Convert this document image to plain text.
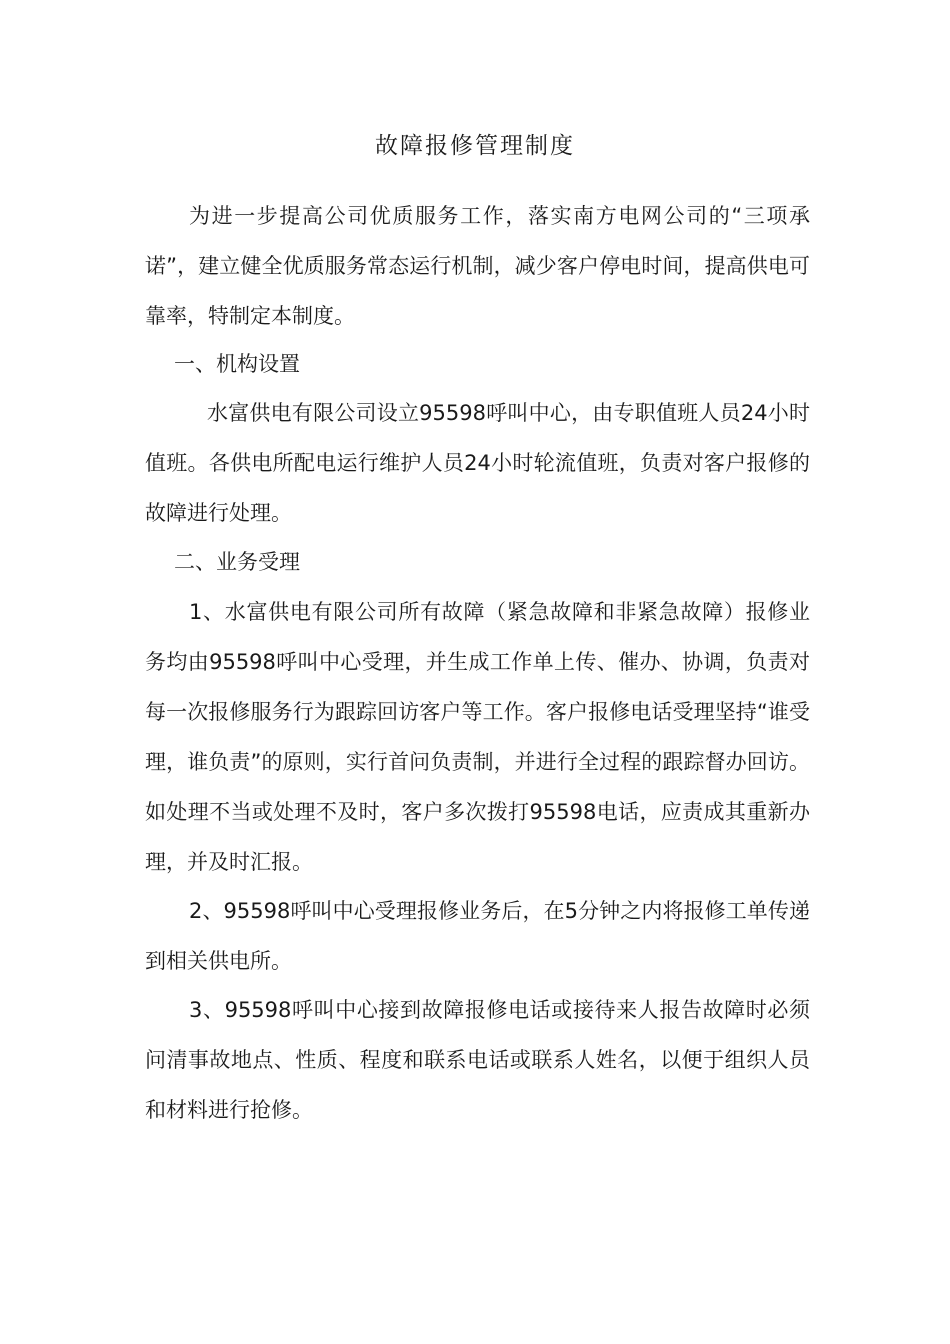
故障报修管理制度

为进一步提高公司优质服务工作，落实南方电网公司的“三项承诺”，建立健全优质服务常态运行机制，减少客户停电时间，提高供电可靠率，特制定本制度。

一、机构设置

水富供电有限公司设立95598呼叫中心，由专职值班人员24小时值班。各供电所配电运行维护人员24小时轮流值班，负责对客户报修的故障进行处理。

二、业务受理

1、水富供电有限公司所有故障（紧急故障和非紧急故障）报修业务均由95598呼叫中心受理，并生成工作单上传、催办、协调，负责对每一次报修服务行为跟踪回访客户等工作。客户报修电话受理坚持“谁受理，谁负责”的原则，实行首问负责制，并进行全过程的跟踪督办回访。如处理不当或处理不及时，客户多次拨打95598电话，应责成其重新办理，并及时汇报。

2、95598呼叫中心受理报修业务后，在5分钟之内将报修工单传递到相关供电所。

3、95598呼叫中心接到故障报修电话或接待来人报告故障时必须问清事故地点、性质、程度和联系电话或联系人姓名，以便于组织人员和材料进行抢修。
